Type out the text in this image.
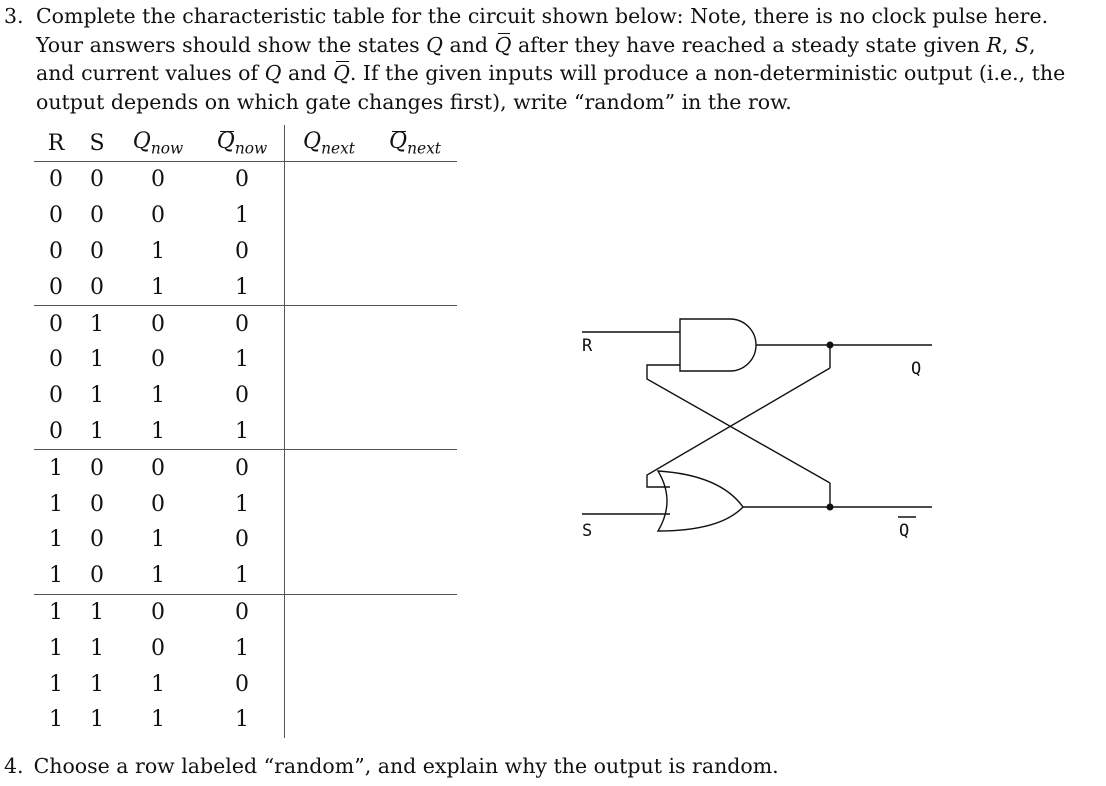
3. Complete the characteristic table for the circuit shown below: Note, there is no clock pulse here.
Your answers should show the states Q and Q after they have reached a steady state given R, S,
and current values of Q and Q. If the given inputs will produce a non-deterministic output (i.e., the
output depends on which gate changes first), write “random” in the row.
R	S	$Q_{now}$	$Q_{now}$	$Q_{next}$	$Q_{next}$
0	0	0	0		
0	0	0	1		
0	0	1	0		
0	0	1	1		
0	1	0	0		
0	1	0	1		
0	1	1	0		
0	1	1	1		
1	0	0	0		
1	0	0	1		
1	0	1	0		
1	0	1	1		
1	1	0	0		
1	1	0	1		
1	1	1	0		
1	1	1	1		
R
S
Q
Q
4. Choose a row labeled “random”, and explain why the output is random.
